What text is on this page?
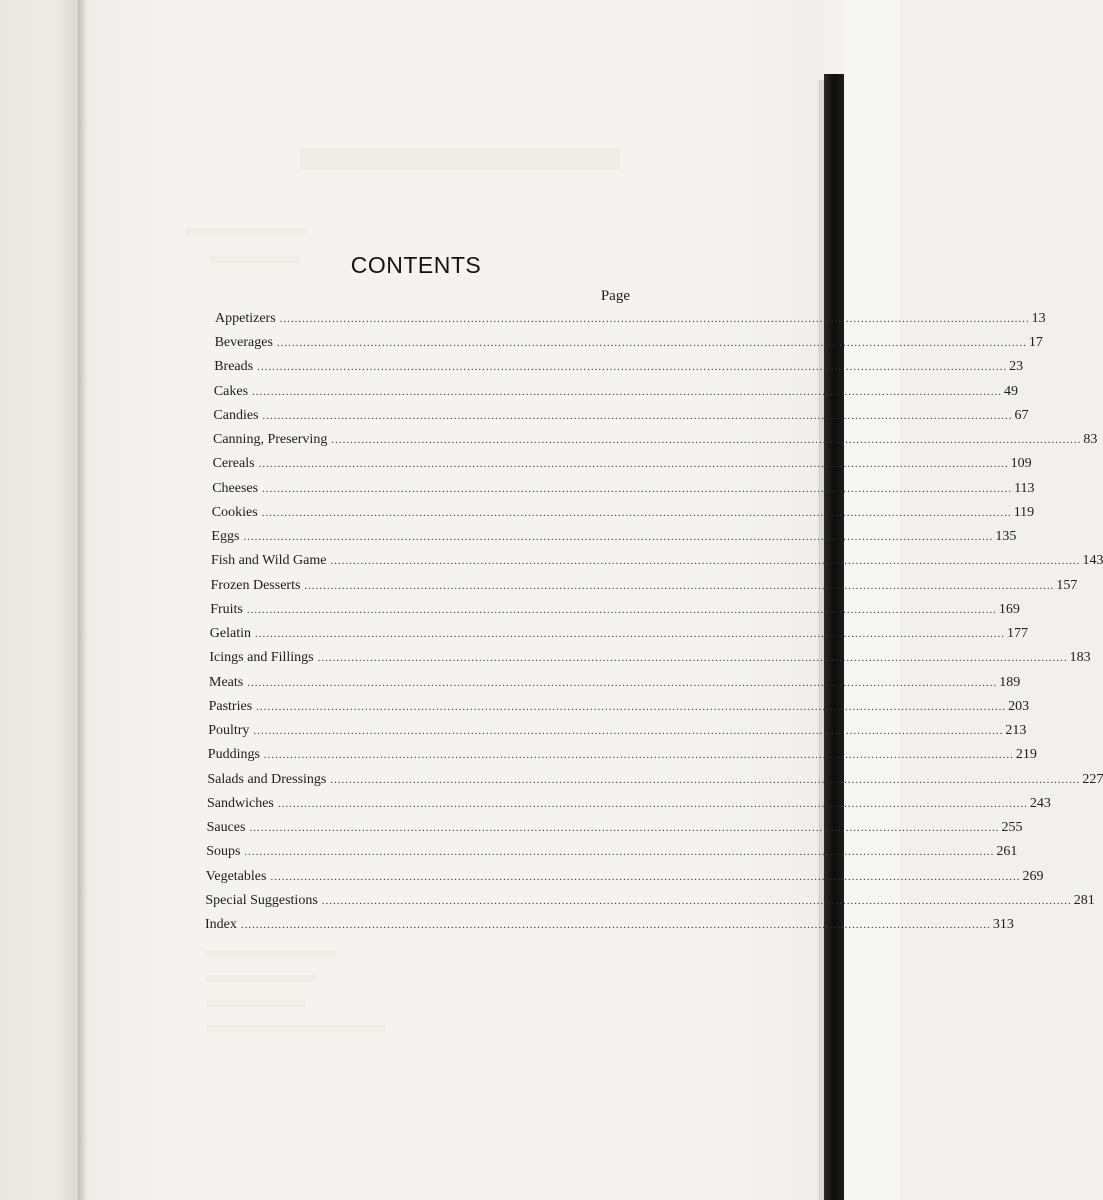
CONTENTS
Page
Appetizers ........................................................................................................................................................................................................ 13
Beverages ........................................................................................................................................................................................................ 17
Breads ........................................................................................................................................................................................................ 23
Cakes ........................................................................................................................................................................................................ 49
Candies ........................................................................................................................................................................................................ 67
Canning, Preserving ........................................................................................................................................................................................................ 83
Cereals ........................................................................................................................................................................................................ 109
Cheeses ........................................................................................................................................................................................................ 113
Cookies ........................................................................................................................................................................................................ 119
Eggs ........................................................................................................................................................................................................ 135
Fish and Wild Game ........................................................................................................................................................................................................ 143
Frozen Desserts ........................................................................................................................................................................................................ 157
Fruits ........................................................................................................................................................................................................ 169
Gelatin ........................................................................................................................................................................................................ 177
Icings and Fillings ........................................................................................................................................................................................................ 183
Meats ........................................................................................................................................................................................................ 189
Pastries ........................................................................................................................................................................................................ 203
Poultry ........................................................................................................................................................................................................ 213
Puddings ........................................................................................................................................................................................................ 219
Salads and Dressings ........................................................................................................................................................................................................ 227
Sandwiches ........................................................................................................................................................................................................ 243
Sauces ........................................................................................................................................................................................................ 255
Soups ........................................................................................................................................................................................................ 261
Vegetables ........................................................................................................................................................................................................ 269
Special Suggestions ........................................................................................................................................................................................................ 281
Index ........................................................................................................................................................................................................ 313
